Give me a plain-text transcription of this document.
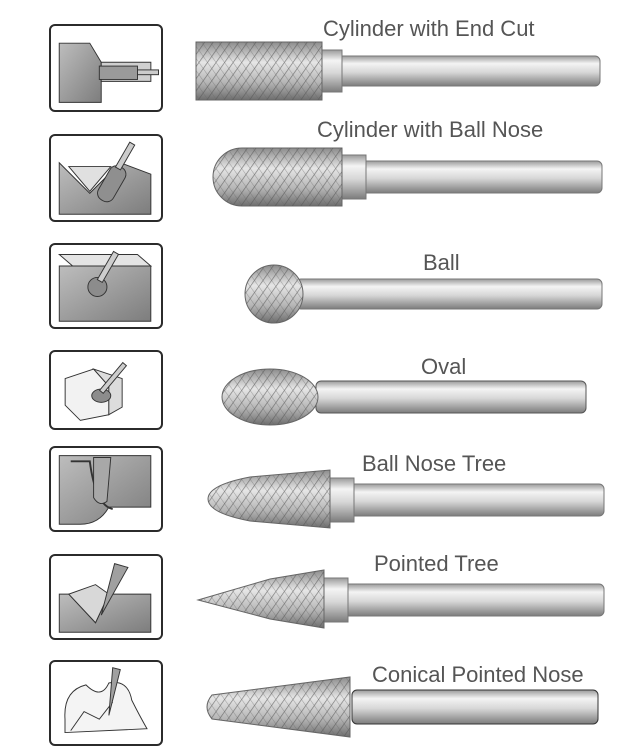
Cylinder with End Cut
Cylinder with Ball Nose
Ball
Oval
Ball Nose Tree
Pointed Tree
Conical Pointed Nose
